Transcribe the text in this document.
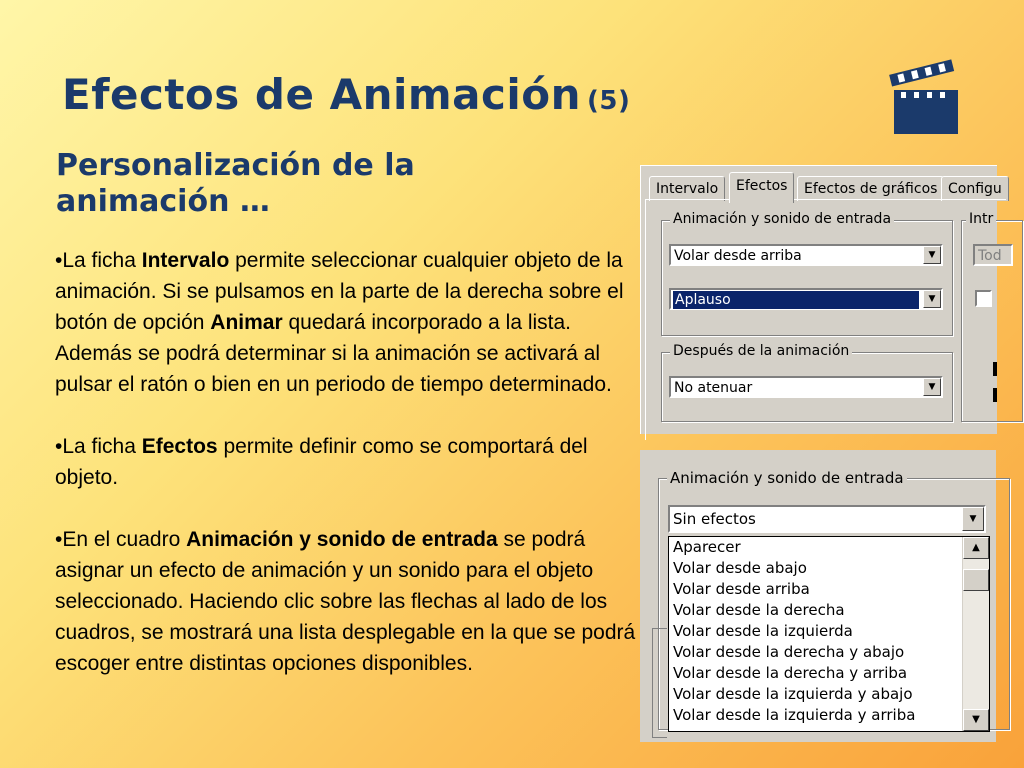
Efectos de Animación (5)
Personalización de la animación …

•La ficha Intervalo permite seleccionar cualquier objeto de la animación. Si se pulsamos en la parte de la derecha sobre el botón de opción Animar quedará incorporado a la lista. Además se podrá determinar si la animación se activará al pulsar el ratón o bien en un periodo de tiempo determinado.

•La ficha Efectos permite definir como se comportará del objeto.

•En el cuadro Animación y sonido de entrada se podrá asignar un efecto de animación y un sonido para el objeto seleccionado. Haciendo clic sobre las flechas al lado de los cuadros, se mostrará una lista desplegable en la que se podrá escoger entre distintas opciones disponibles.

Intervalo	Efectos	Efectos de gráficos Configu
Animación y sonido de entrada
Volar desde arriba	▼
Aplauso	▼
Después de la animación
No atenuar	▼
Intr
Tod
Animación y sonido de entrada
Sin efectos	▼
Aparecer
Volar desde abajo
Volar desde arriba
Volar desde la derecha
Volar desde la izquierda
Volar desde la derecha y abajo
Volar desde la derecha y arriba
Volar desde la izquierda y abajo
Volar desde la izquierda y arriba
▲
▼
